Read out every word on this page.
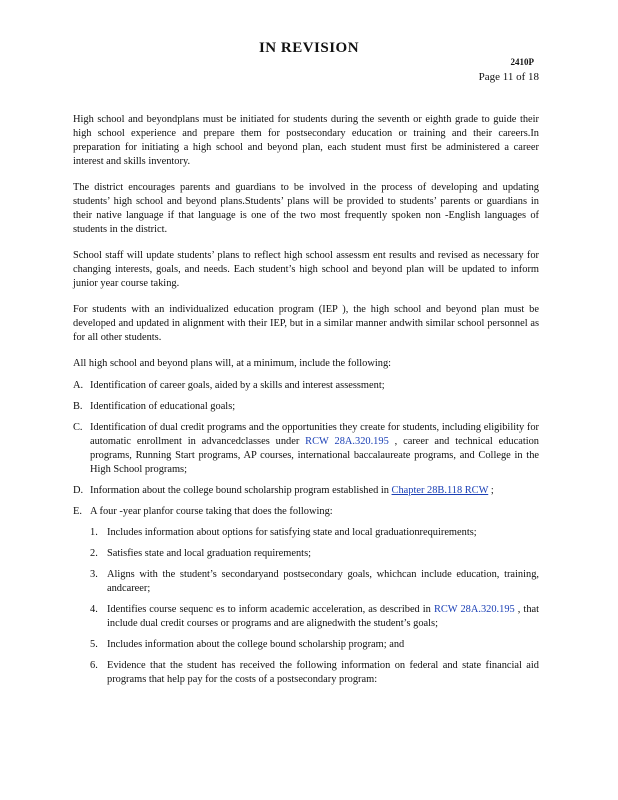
IN REVISION
2410P
Page 11 of 18

High school and beyondplans must be initiated for students during the seventh or eighth grade to guide their high school experience and prepare them for postsecondary education or training and their careers.In preparation for initiating a high school and beyond plan, each student must first be administered a career interest and skills inventory.

The district encourages parents and guardians to be involved in the process of developing and updating students’ high school and beyond plans.Students’ plans will be provided to students’ parents or guardians in their native language if that language is one of the two most frequently spoken non -English languages of students in the district.

School staff will update students’ plans to reflect high school assessm ent results and revised as necessary for changing interests, goals, and needs. Each student’s high school and beyond plan will be updated to inform junior year course taking.

For students with an individualized education program (IEP ), the high school and beyond plan must be developed and updated in alignment with their IEP, but in a similar manner andwith similar school personnel as for all other students.

All high school and beyond plans will, at a minimum, include the following:

A. Identification of career goals, aided by a skills and interest assessment;
B. Identification of educational goals;
C. Identification of dual credit programs and the opportunities they create for students, including eligibility for automatic enrollment in advancedclasses under RCW 28A.320.195 , career and technical education programs, Running Start programs, AP courses, international baccalaureate programs, and College in the High School programs;
D. Information about the college bound scholarship program established in Chapter 28B.118 RCW ;
E. A four -year planfor course taking that does the following:
1. Includes information about options for satisfying state and local graduationrequirements;
2. Satisfies state and local graduation requirements;
3. Aligns with the student’s secondaryand postsecondary goals, whichcan include education, training, andcareer;
4. Identifies course sequenc es to inform academic acceleration, as described in RCW 28A.320.195 , that include dual credit courses or programs and are alignedwith the student’s goals;
5. Includes information about the college bound scholarship program; and
6. Evidence that the student has received the following information on federal and state financial aid programs that help pay for the costs of a postsecondary program:
